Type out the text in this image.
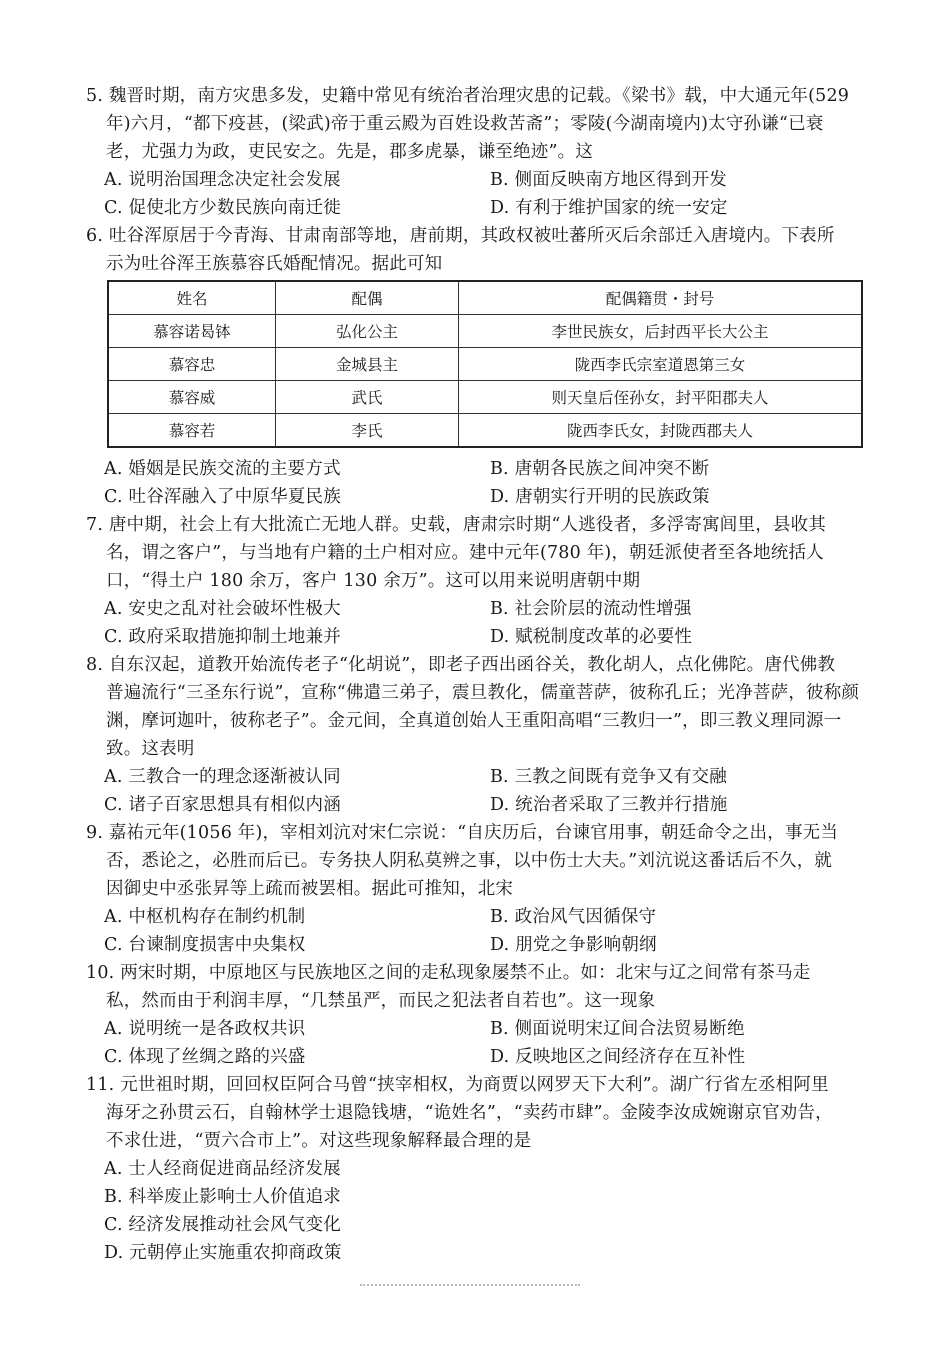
5. 魏晋时期，南方灾患多发，史籍中常见有统治者治理灾患的记载。《梁书》载，中大通元年(529
年)六月，“都下疫甚，(梁武)帝于重云殿为百姓设救苦斋”；零陵(今湖南境内)太守孙谦“已衰
老，尤强力为政，吏民安之。先是，郡多虎暴，谦至绝迹”。这
A. 说明治国理念决定社会发展	B. 侧面反映南方地区得到开发
C. 促使北方少数民族向南迁徙	D. 有利于维护国家的统一安定
6. 吐谷浑原居于今青海、甘肃南部等地，唐前期，其政权被吐蕃所灭后余部迁入唐境内。下表所
示为吐谷浑王族慕容氏婚配情况。据此可知
姓名	配偶	配偶籍贯・封号
慕容诺曷钵	弘化公主	李世民族女，后封西平长大公主
慕容忠	金城县主	陇西李氏宗室道恩第三女
慕容威	武氏	则天皇后侄孙女，封平阳郡夫人
慕容若	李氏	陇西李氏女，封陇西郡夫人
A. 婚姻是民族交流的主要方式	B. 唐朝各民族之间冲突不断
C. 吐谷浑融入了中原华夏民族	D. 唐朝实行开明的民族政策
7. 唐中期，社会上有大批流亡无地人群。史载，唐肃宗时期“人逃役者，多浮寄寓闾里，县收其
名，谓之客户”，与当地有户籍的土户相对应。建中元年(780 年)，朝廷派使者至各地统括人
口，“得土户 180 余万，客户 130 余万”。这可以用来说明唐朝中期
A. 安史之乱对社会破坏性极大	B. 社会阶层的流动性增强
C. 政府采取措施抑制土地兼并	D. 赋税制度改革的必要性
8. 自东汉起，道教开始流传老子“化胡说”，即老子西出函谷关，教化胡人，点化佛陀。唐代佛教
普遍流行“三圣东行说”，宣称“佛遣三弟子，震旦教化，儒童菩萨，彼称孔丘；光净菩萨，彼称颜
渊，摩诃迦叶，彼称老子”。金元间，全真道创始人王重阳高唱“三教归一”，即三教义理同源一
致。这表明
A. 三教合一的理念逐渐被认同	B. 三教之间既有竞争又有交融
C. 诸子百家思想具有相似内涵	D. 统治者采取了三教并行措施
9. 嘉祐元年(1056 年)，宰相刘沆对宋仁宗说：“自庆历后，台谏官用事，朝廷命令之出，事无当
否，悉论之，必胜而后已。专务抉人阴私莫辨之事，以中伤士大夫。”刘沆说这番话后不久，就
因御史中丞张昇等上疏而被罢相。据此可推知，北宋
A. 中枢机构存在制约机制	B. 政治风气因循保守
C. 台谏制度损害中央集权	D. 朋党之争影响朝纲
10. 两宋时期，中原地区与民族地区之间的走私现象屡禁不止。如：北宋与辽之间常有茶马走
私，然而由于利润丰厚，“几禁虽严，而民之犯法者自若也”。这一现象
A. 说明统一是各政权共识	B. 侧面说明宋辽间合法贸易断绝
C. 体现了丝绸之路的兴盛	D. 反映地区之间经济存在互补性
11. 元世祖时期，回回权臣阿合马曾“挟宰相权，为商贾以网罗天下大利”。湖广行省左丞相阿里
海牙之孙贯云石，自翰林学士退隐钱塘，“诡姓名”，“卖药市肆”。金陵李汝成婉谢京官劝告，
不求仕进，“贾六合市上”。对这些现象解释最合理的是
A. 士人经商促进商品经济发展
B. 科举废止影响士人价值追求
C. 经济发展推动社会风气变化
D. 元朝停止实施重农抑商政策
